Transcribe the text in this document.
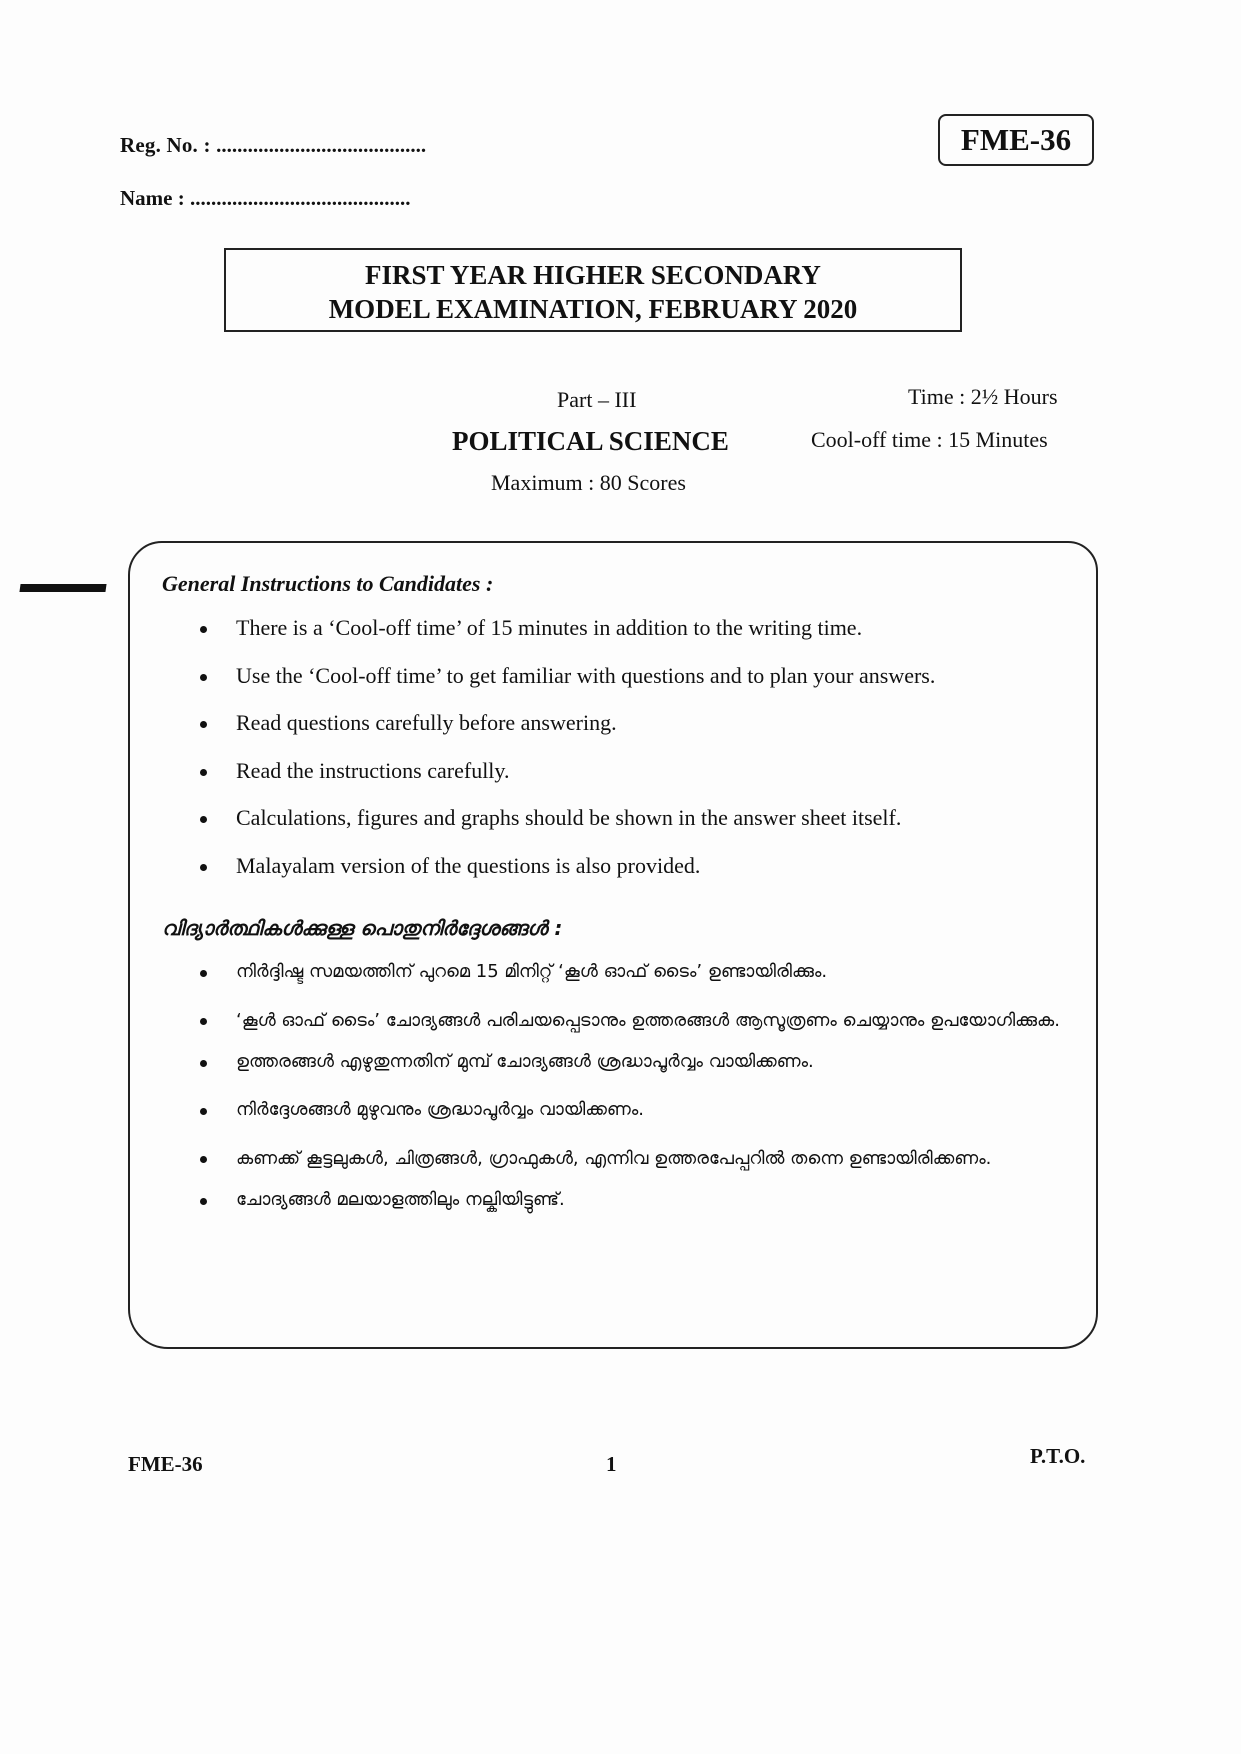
Reg. No. : ........................................
Name : ..........................................
FME-36
FIRST YEAR HIGHER SECONDARY
MODEL EXAMINATION, FEBRUARY 2020
Part – III
POLITICAL SCIENCE
Maximum : 80 Scores
Time : 2½ Hours
Cool-off time : 15 Minutes
General Instructions to Candidates :
There is a ‘Cool-off time’ of 15 minutes in addition to the writing time.
Use the ‘Cool-off time’ to get familiar with questions and to plan your answers.
Read questions carefully before answering.
Read the instructions carefully.
Calculations, figures and graphs should be shown in the answer sheet itself.
Malayalam version of the questions is also provided.
വിദ്യാർത്ഥികൾക്കുള്ള പൊതുനിർദ്ദേശങ്ങൾ :
നിർദ്ദിഷ്ട സമയത്തിന് പുറമെ 15 മിനിറ്റ് ‘കൂൾ ഓഫ് ടൈം’ ഉണ്ടായിരിക്കും.
‘കൂൾ ഓഫ് ടൈം’ ചോദ്യങ്ങൾ പരിചയപ്പെടാനും ഉത്തരങ്ങൾ ആസൂത്രണം ചെയ്യാനും ഉപയോഗിക്കുക.
ഉത്തരങ്ങൾ എഴുതുന്നതിന് മുമ്പ് ചോദ്യങ്ങൾ ശ്രദ്ധാപൂർവ്വം വായിക്കണം.
നിർദ്ദേശങ്ങൾ മുഴുവനും ശ്രദ്ധാപൂർവ്വം വായിക്കണം.
കണക്ക് കൂട്ടലുകൾ, ചിത്രങ്ങൾ, ഗ്രാഫുകൾ, എന്നിവ ഉത്തരപേപ്പറിൽ തന്നെ ഉണ്ടായിരിക്കണം.
ചോദ്യങ്ങൾ മലയാളത്തിലും നല്കിയിട്ടുണ്ട്.
FME-36	1	P.T.O.
